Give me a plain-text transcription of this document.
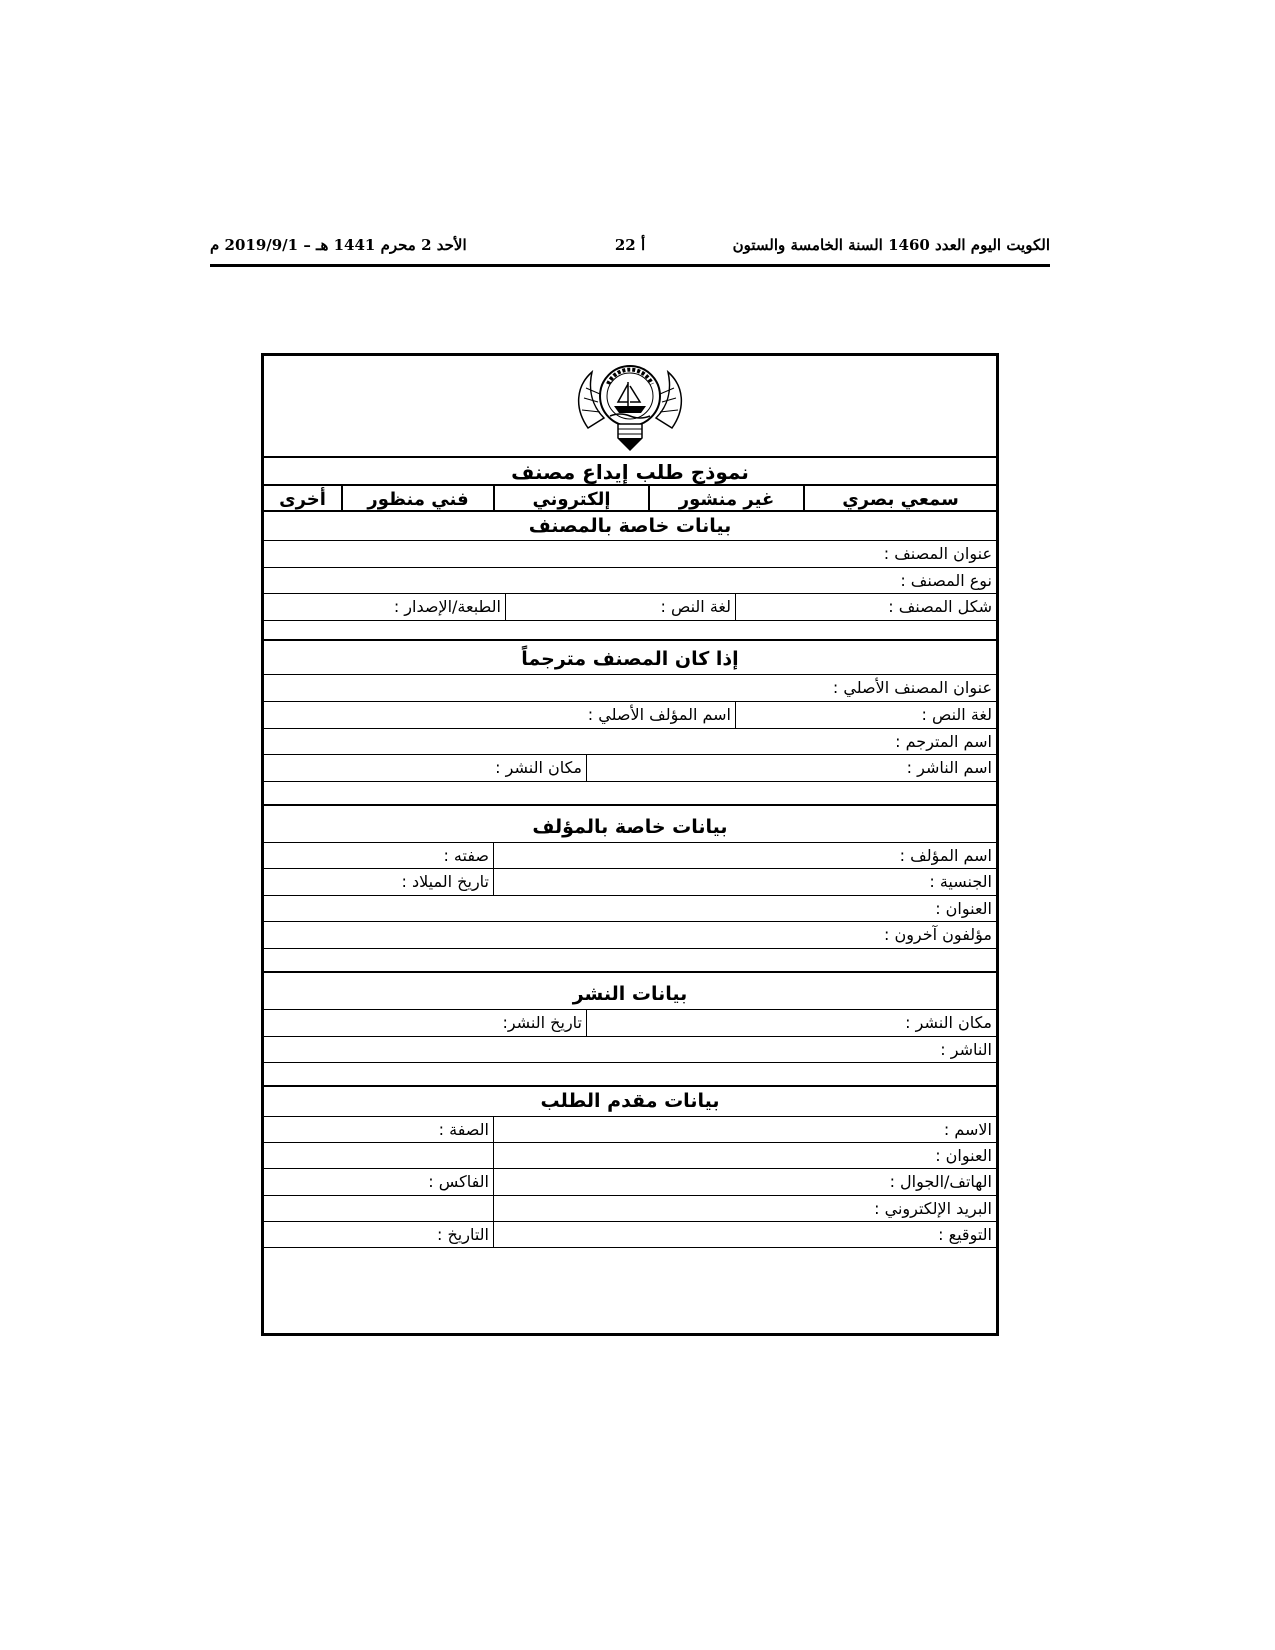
الكويت اليوم العدد 1460 السنة الخامسة والستون
أ 22
الأحد 2 محرم 1441 هـ – 2019/9/1 م
نموذج طلب إيداع مصنف
سمعي بصري
غير منشور
إلكتروني
فني منظور
أخرى
بيانات خاصة بالمصنف
عنوان المصنف :
نوع المصنف :
شكل المصنف :
لغة النص :
الطبعة/الإصدار :
إذا كان المصنف مترجماً
عنوان المصنف الأصلي :
لغة النص :
اسم المؤلف الأصلي :
اسم المترجم :
اسم الناشر :
مكان النشر :
بيانات خاصة بالمؤلف
اسم المؤلف :
صفته :
الجنسية :
تاريخ الميلاد :
العنوان :
مؤلفون آخرون :
بيانات النشر
مكان النشر :
تاريخ النشر:
الناشر :
بيانات مقدم الطلب
الاسم :
الصفة :
العنوان :
الهاتف/الجوال :
الفاكس :
البريد الإلكتروني :
التوقيع :
التاريخ :
